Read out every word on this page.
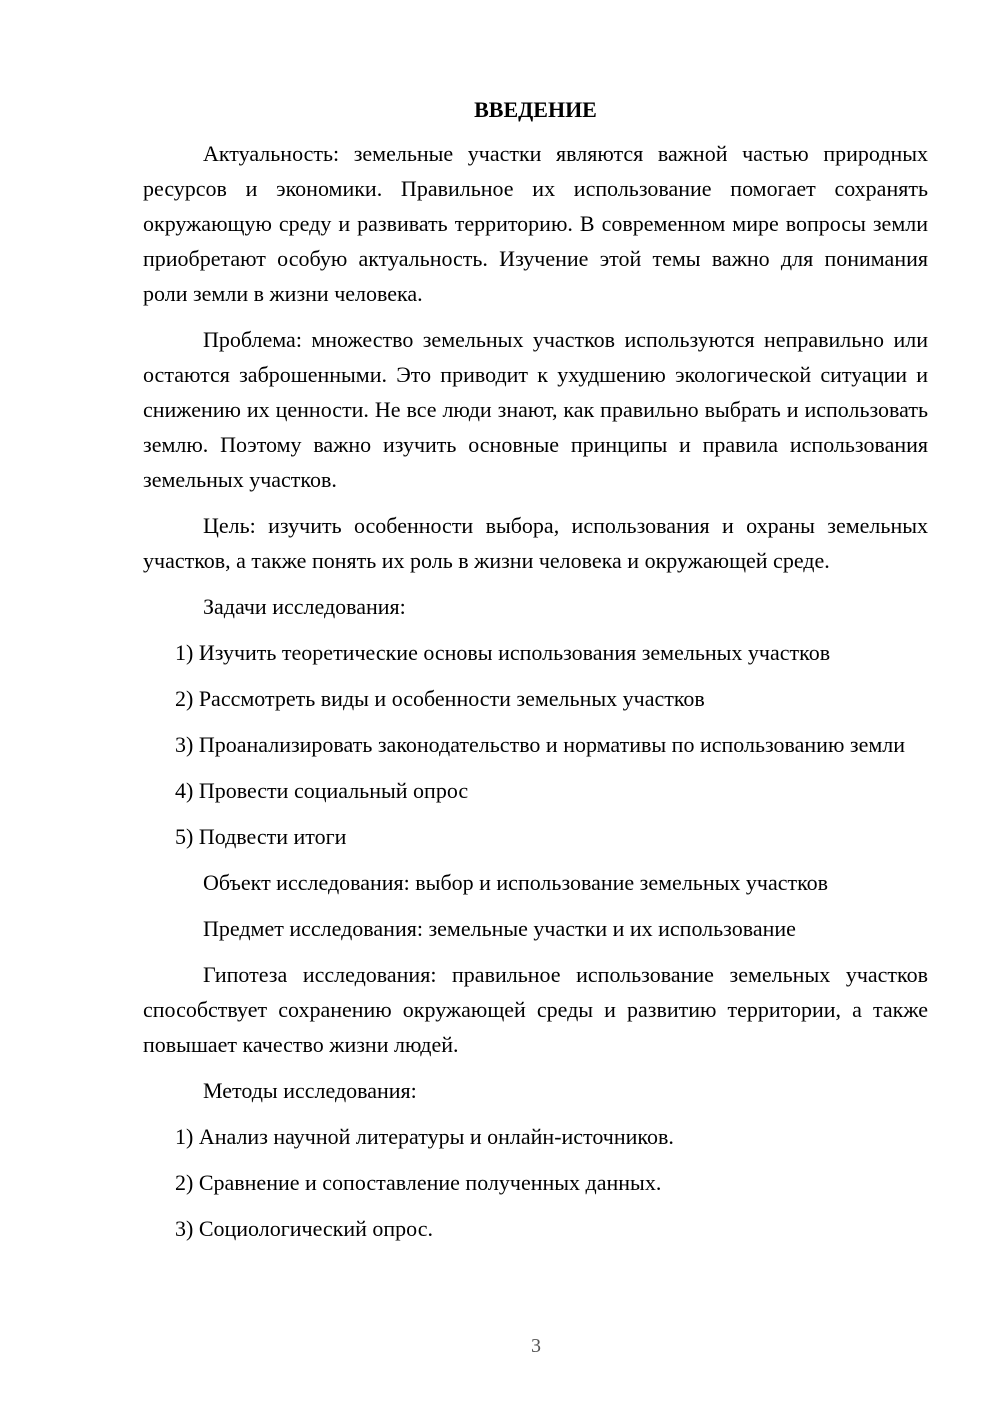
ВВЕДЕНИЕ

Актуальность: земельные участки являются важной частью природных ресурсов и экономики. Правильное их использование помогает сохранять окружающую среду и развивать территорию. В современном мире вопросы земли приобретают особую актуальность. Изучение этой темы важно для понимания роли земли в жизни человека.

Проблема: множество земельных участков используются неправильно или остаются заброшенными. Это приводит к ухудшению экологической ситуации и снижению их ценности. Не все люди знают, как правильно выбрать и использовать землю. Поэтому важно изучить основные принципы и правила использования земельных участков.

Цель: изучить особенности выбора, использования и охраны земельных участков, а также понять их роль в жизни человека и окружающей среде.

Задачи исследования:

1) Изучить теоретические основы использования земельных участков

2) Рассмотреть виды и особенности земельных участков

3) Проанализировать законодательство и нормативы по использованию земли

4) Провести социальный опрос

5) Подвести итоги

Объект исследования: выбор и использование земельных участков

Предмет исследования: земельные участки и их использование

Гипотеза исследования: правильное использование земельных участков способствует сохранению окружающей среды и развитию территории, а также повышает качество жизни людей.

Методы исследования:

1) Анализ научной литературы и онлайн-источников.

2) Сравнение и сопоставление полученных данных.

3) Социологический опрос.

3
